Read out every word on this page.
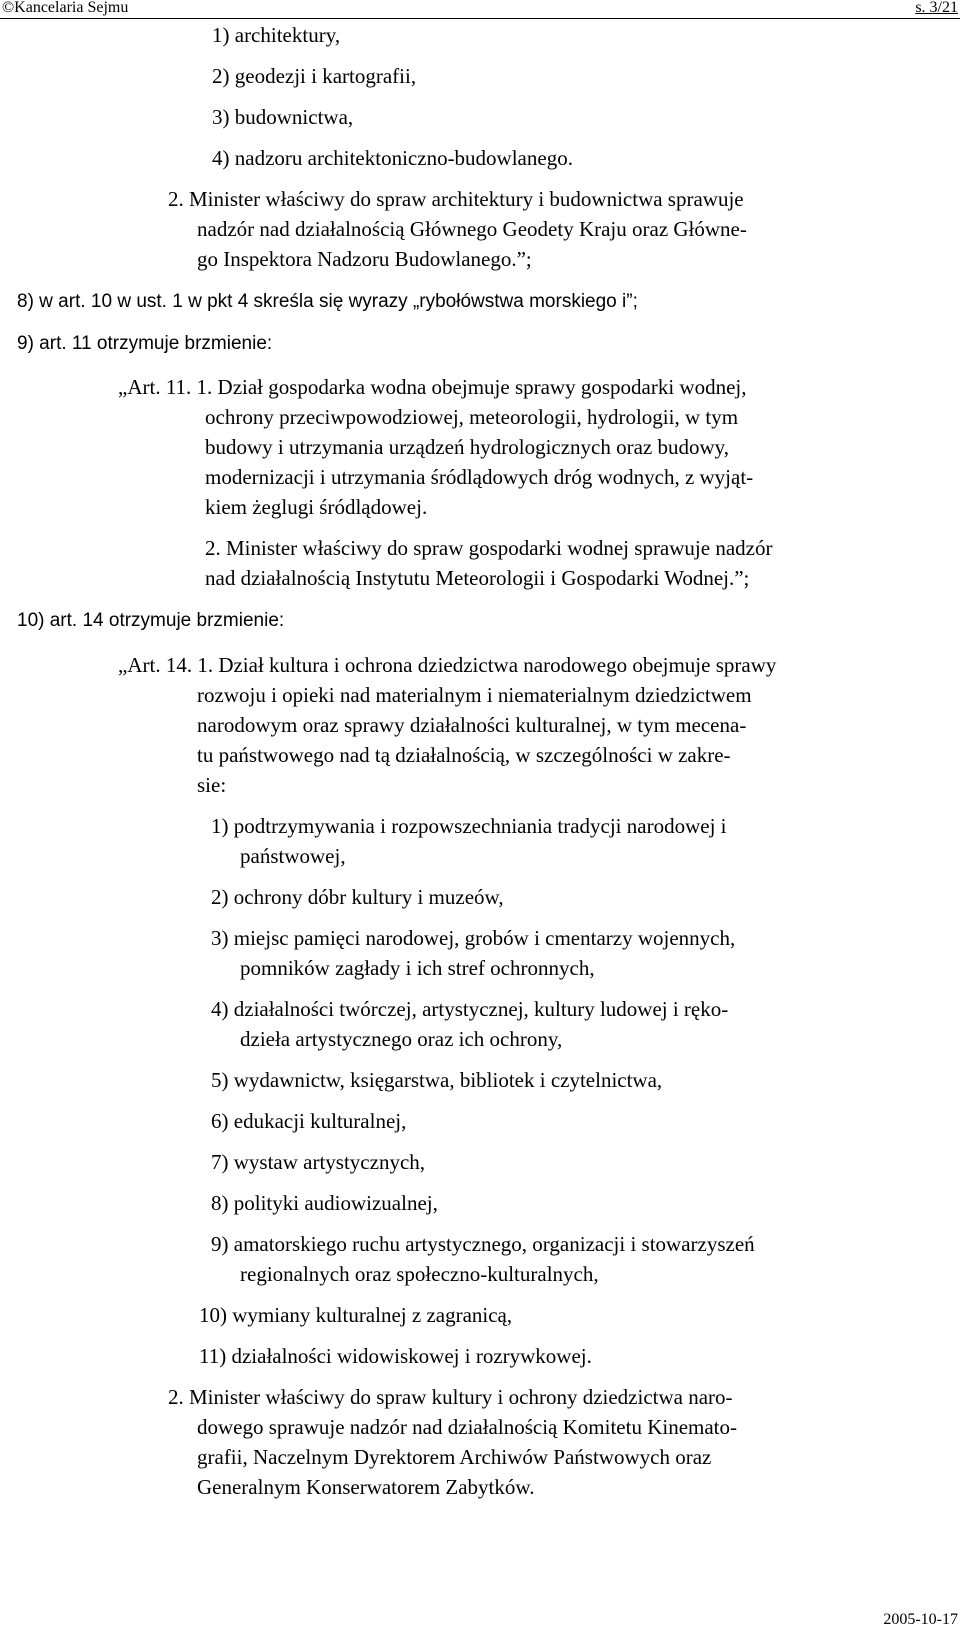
©Kancelaria Sejmu	s. 3/21
1) architektury,
2) geodezji i kartografii,
3) budownictwa,
4) nadzoru architektoniczno-budowlanego.
2. Minister właściwy do spraw architektury i budownictwa sprawuje
nadzór nad działalnością Głównego Geodety Kraju oraz Główne-
go Inspektora Nadzoru Budowlanego.”;
8) w art. 10 w ust. 1 w pkt 4 skreśla się wyrazy „rybołówstwa morskiego i”;
9) art. 11 otrzymuje brzmienie:
„Art. 11. 1. Dział gospodarka wodna obejmuje sprawy gospodarki wodnej,
ochrony przeciwpowodziowej, meteorologii, hydrologii, w tym
budowy i utrzymania urządzeń hydrologicznych oraz budowy,
modernizacji i utrzymania śródlądowych dróg wodnych, z wyjąt-
kiem żeglugi śródlądowej.
2. Minister właściwy do spraw gospodarki wodnej sprawuje nadzór
nad działalnością Instytutu Meteorologii i Gospodarki Wodnej.”;
10) art. 14 otrzymuje brzmienie:
„Art. 14. 1. Dział kultura i ochrona dziedzictwa narodowego obejmuje sprawy
rozwoju i opieki nad materialnym i niematerialnym dziedzictwem
narodowym oraz sprawy działalności kulturalnej, w tym mecena-
tu państwowego nad tą działalnością, w szczególności w zakre-
sie:
1) podtrzymywania i rozpowszechniania tradycji narodowej i
państwowej,
2) ochrony dóbr kultury i muzeów,
3) miejsc pamięci narodowej, grobów i cmentarzy wojennych,
pomników zagłady i ich stref ochronnych,
4) działalności twórczej, artystycznej, kultury ludowej i ręko-
dzieła artystycznego oraz ich ochrony,
5) wydawnictw, księgarstwa, bibliotek i czytelnictwa,
6) edukacji kulturalnej,
7) wystaw artystycznych,
8) polityki audiowizualnej,
9) amatorskiego ruchu artystycznego, organizacji i stowarzyszeń
regionalnych oraz społeczno-kulturalnych,
10) wymiany kulturalnej z zagranicą,
11) działalności widowiskowej i rozrywkowej.
2. Minister właściwy do spraw kultury i ochrony dziedzictwa naro-
dowego sprawuje nadzór nad działalnością Komitetu Kinemato-
grafii, Naczelnym Dyrektorem Archiwów Państwowych oraz
Generalnym Konserwatorem Zabytków.
2005-10-17
